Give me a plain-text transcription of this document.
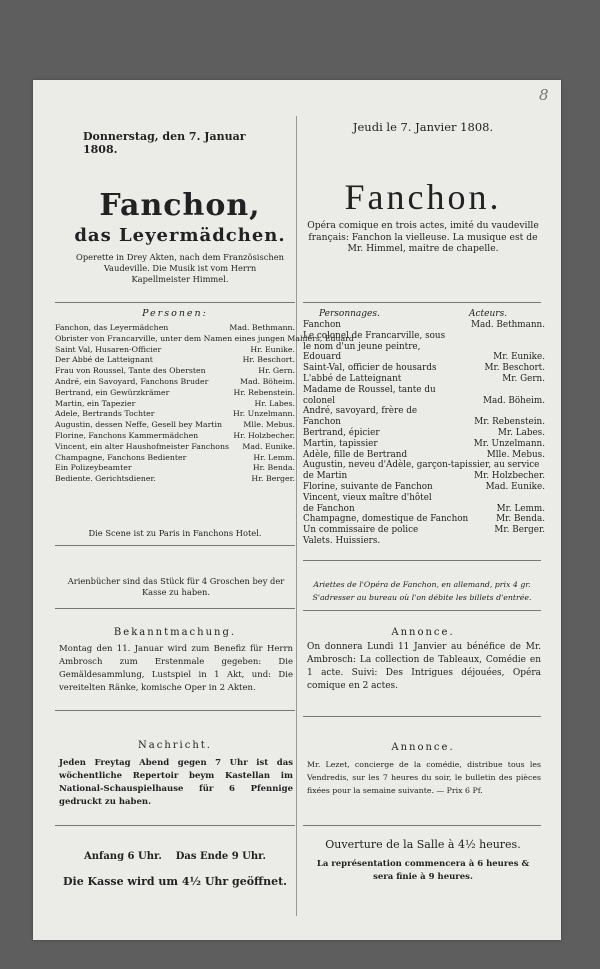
8
Donnerstag, den 7. Januar 1808.
Fanchon,
das Leyermädchen.
Operette in Drey Akten, nach dem Französischen Vaudeville. Die Musik ist vom Herrn Kapellmeister Himmel.
Personen:
Fanchon, das Leyermädchen	Mad. Bethmann.
Obrister von Francarville, unter dem Namen eines jungen Mahlers, Eduard
Saint Val, Husaren-Officier	Hr. Eunike.
Der Abbé de Latteignant	Hr. Beschort.
Frau von Roussel, Tante des Obersten	Hr. Gern.
André, ein Savoyard, Fanchons Bruder	Mad. Böheim.
Bertrand, ein Gewürzkrämer	Hr. Rebenstein.
Martin, ein Tapezier	Hr. Labes.
Adele, Bertrands Tochter	Hr. Unzelmann.
Augustin, dessen Neffe, Gesell bey Martin	Mlle. Mebus.
Florine, Fanchons Kammermädchen	Hr. Holzbecher.
Vincent, ein alter Haushofmeister Fanchons Mad. Eunike.
Champagne, Fanchons Bedienter	Hr. Lemm.
Ein Polizeybeamter	Hr. Benda.
Bediente. Gerichtsdiener.	Hr. Berger.
Die Scene ist zu Paris in Fanchons Hotel.
Arienbücher sind das Stück für 4 Groschen bey der Kasse zu haben.
Bekanntmachung.
Montag den 11. Januar wird zum Benefiz für Herrn Ambrosch zum Erstenmale gegeben: Die Gemäldesammlung, Lustspiel in 1 Akt, und: Die vereitelten Ränke, komische Oper in 2 Akten.
Nachricht.
Jeden Freytag Abend gegen 7 Uhr ist das wöchentliche Repertoir beym Kastellan im National-Schauspielhause für 6 Pfennige gedruckt zu haben.
Anfang 6 Uhr.    Das Ende 9 Uhr.
Die Kasse wird um 4½ Uhr geöffnet.
Jeudi le 7. Janvier 1808.
Fanchon.
Opéra comique en trois actes, imité du vaudeville français: Fanchon la vielleuse. La musique est de Mr. Himmel, maitre de chapelle.
Personnages.	Acteurs.
Fanchon	Mad. Bethmann.
Le colonel de Francarville, sous
le nom d'un jeune peintre,
Edouard	Mr. Eunike.
Saint-Val, officier de housards	Mr. Beschort.
L'abbé de Latteignant	Mr. Gern.
Madame de Roussel, tante du
colonel	Mad. Böheim.
André, savoyard, frère de
Fanchon	Mr. Rebenstein.
Bertrand, épicier	Mr. Labes.
Martin, tapissier	Mr. Unzelmann.
Adèle, fille de Bertrand	Mlle. Mebus.
Augustin, neveu d'Adèle, garçon-tapissier, au service
de Martin	Mr. Holzbecher.
Florine, suivante de Fanchon	Mad. Eunike.
Vincent, vieux maître d'hôtel
de Fanchon	Mr. Lemm.
Champagne, domestique de Fanchon	Mr. Benda.
Un commissaire de police	Mr. Berger.
Valets. Huissiers.
Ariettes de l'Opéra de Fanchon, en allemand, prix 4 gr. S'adresser au bureau où l'on débite les billets d'entrée.
Annonce.
On donnera Lundi 11 Janvier au bénéfice de Mr. Ambrosch: La collection de Tableaux, Comédie en 1 acte. Suivi: Des Intrigues déjouées, Opéra comique en 2 actes.
Annonce.
Mr. Lezet, concierge de la comédie, distribue tous les Vendredis, sur les 7 heures du soir, le bulletin des pièces fixées pour la semaine suivante. — Prix 6 Pf.
Ouverture de la Salle à 4½ heures.
La représentation commencera à 6 heures & sera finie à 9 heures.
